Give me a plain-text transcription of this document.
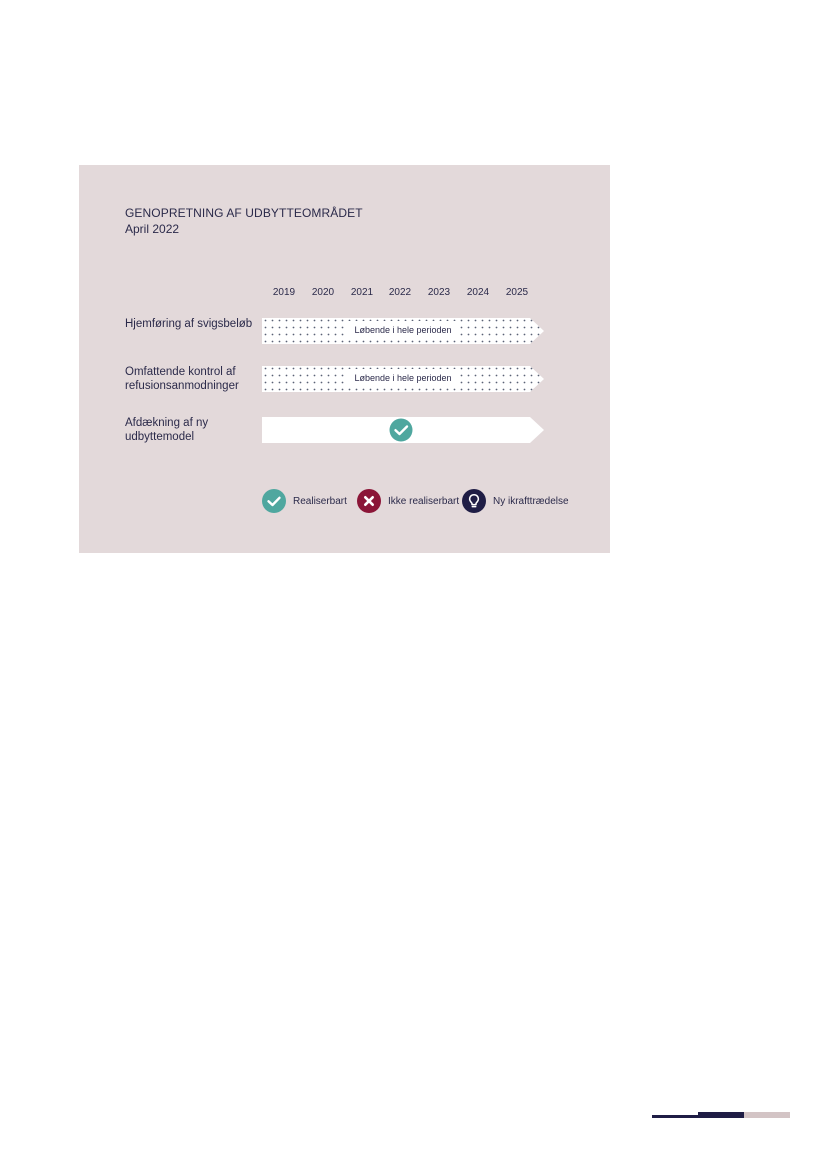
GENOPRETNING AF UDBYTTEOMRÅDET
April 2022
2019	2020	2021	2022	2023	2024	2025
Hjemføring af svigsbeløb	Løbende i hele perioden
Omfattende kontrol af
refusionsanmodninger
Løbende i hele perioden
Afdækning af ny
udbyttemodel
Realiserbart	Ikke realiserbart	Ny ikrafttrædelse
